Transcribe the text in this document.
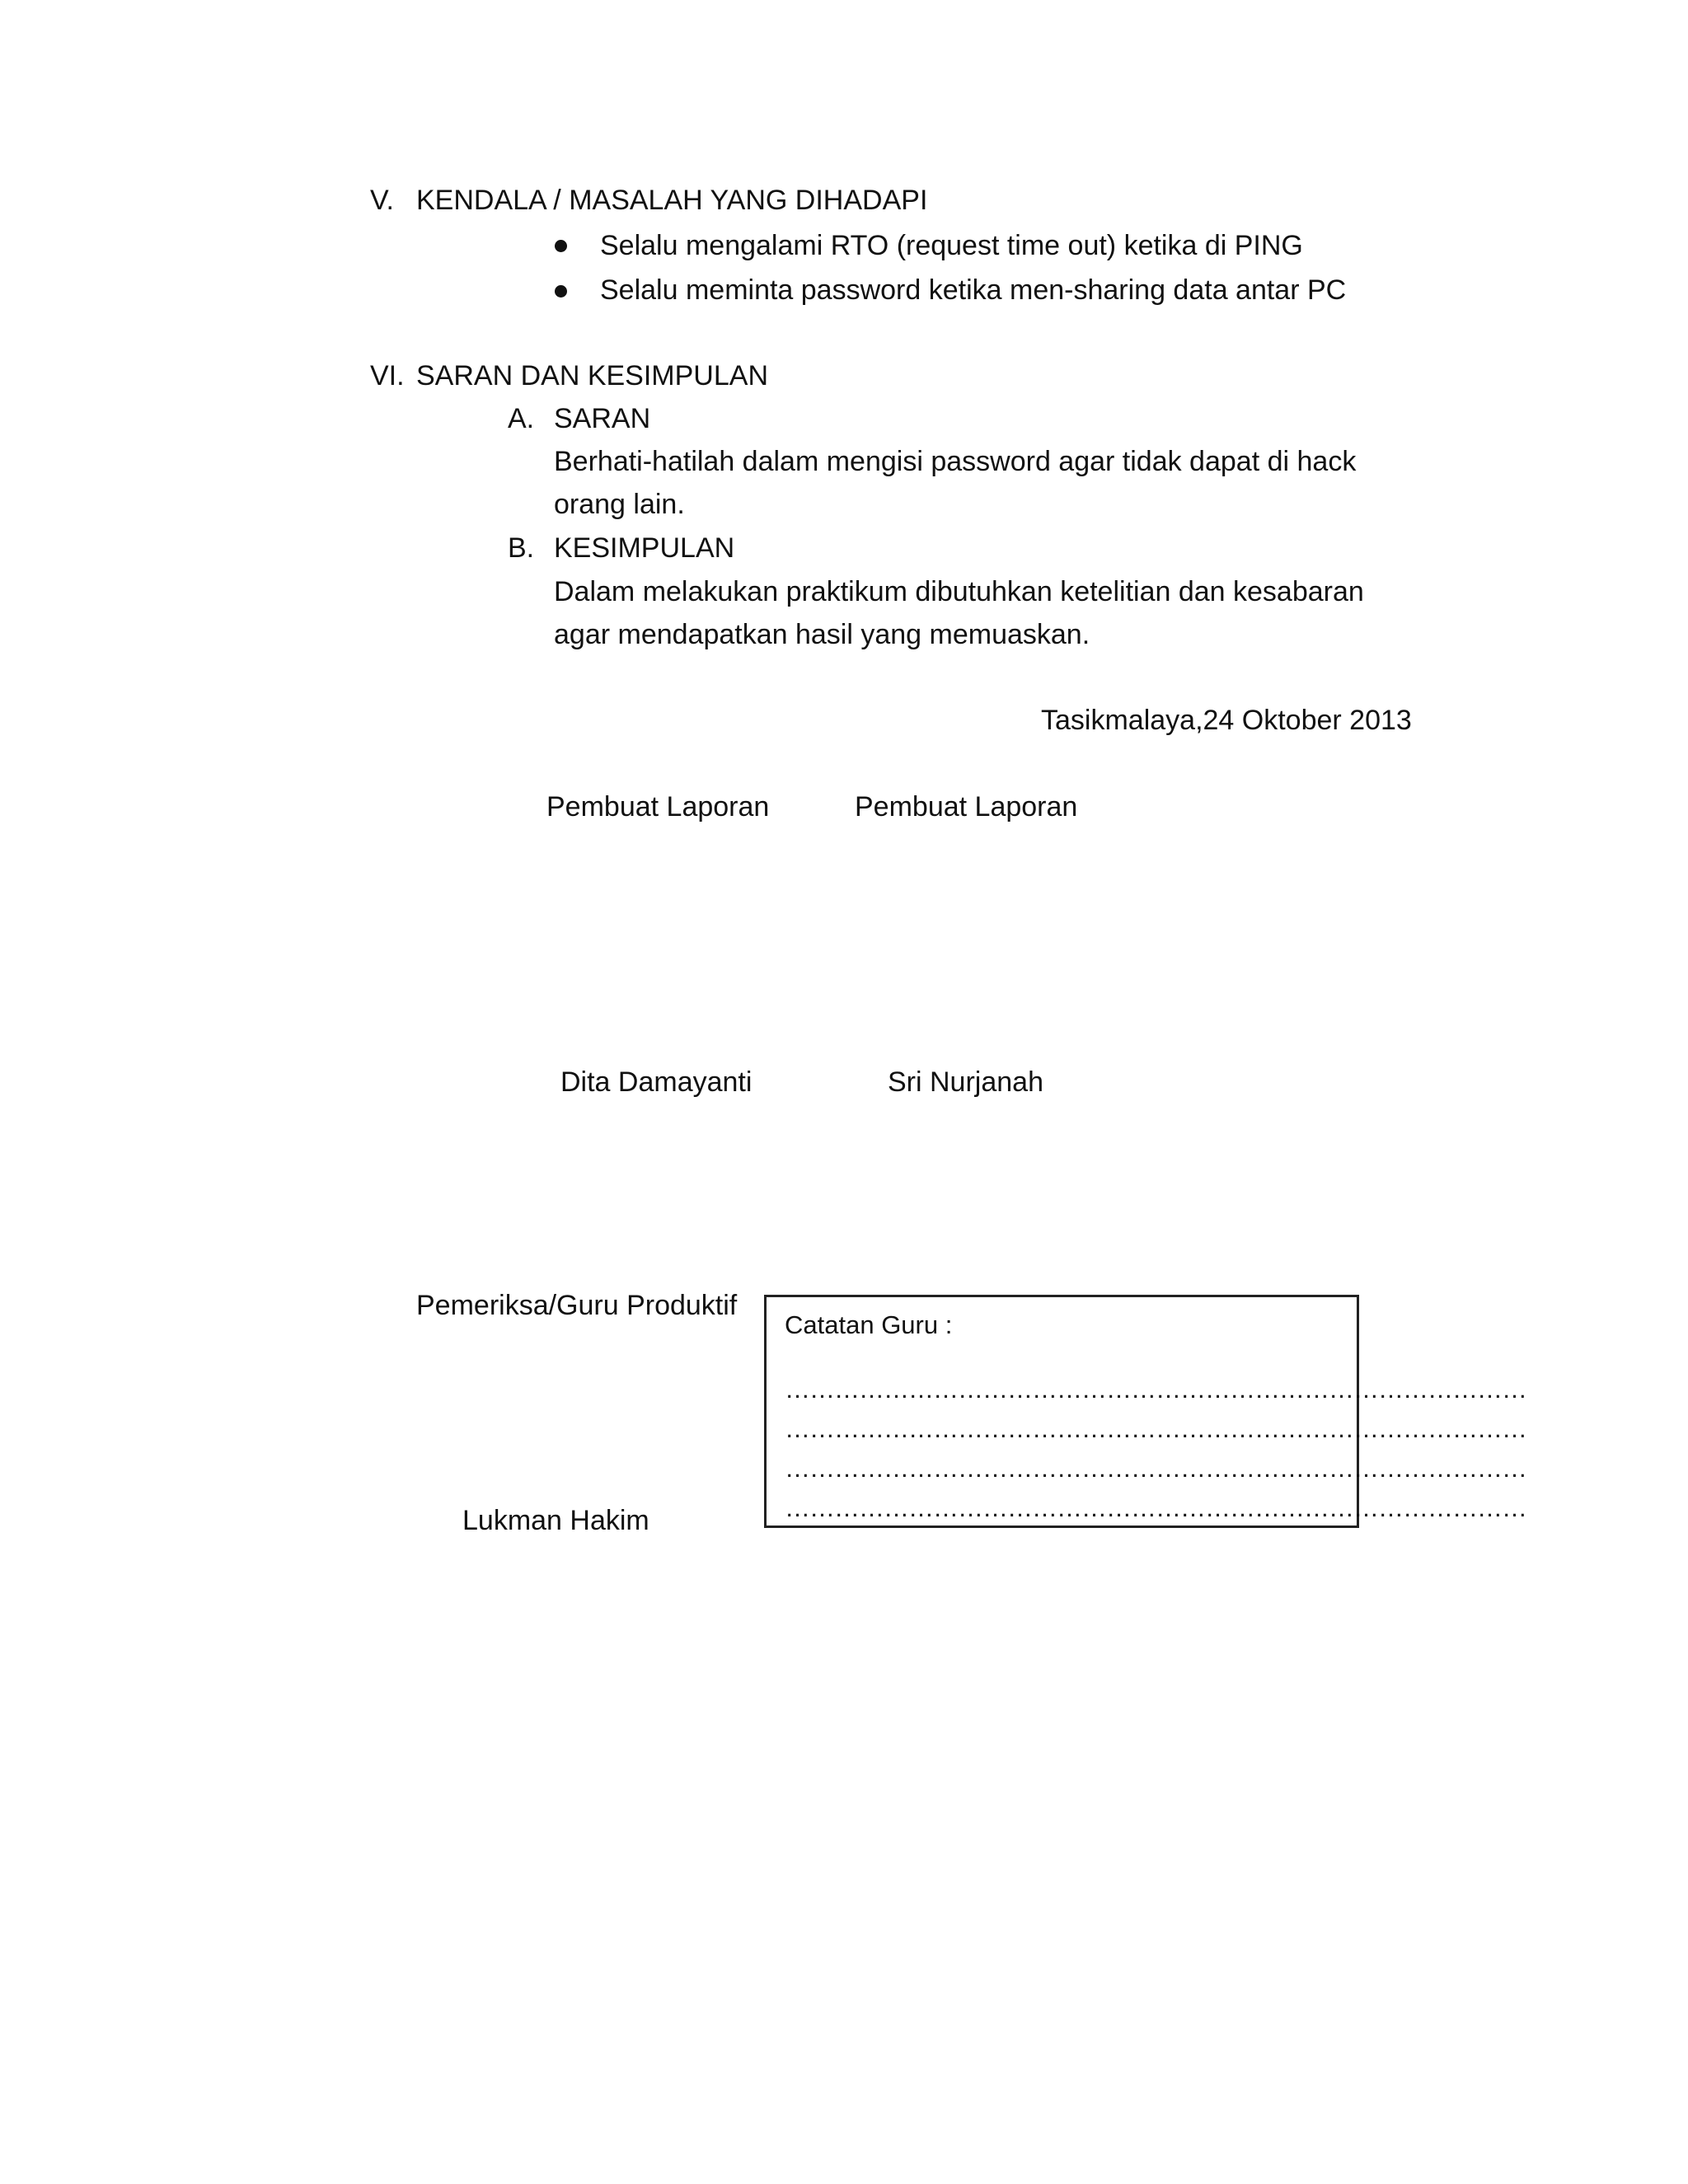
V. KENDALA / MASALAH YANG DIHADAPI
Selalu mengalami RTO (request time out) ketika di PING
Selalu meminta password ketika men-sharing data antar PC
VI. SARAN DAN KESIMPULAN
A. SARAN
Berhati-hatilah dalam mengisi password agar tidak dapat di hack
orang lain.
B. KESIMPULAN
Dalam melakukan praktikum dibutuhkan ketelitian dan kesabaran
agar mendapatkan hasil yang memuaskan.
Tasikmalaya,24 Oktober 2013
Pembuat Laporan	Pembuat Laporan
Dita Damayanti	Sri Nurjanah
Pemeriksa/Guru Produktif
Lukman Hakim
Catatan Guru :
………………………………………………………………………………
………………………………………………………………………………
………………………………………………………………………………
………………………………………………………………………………
